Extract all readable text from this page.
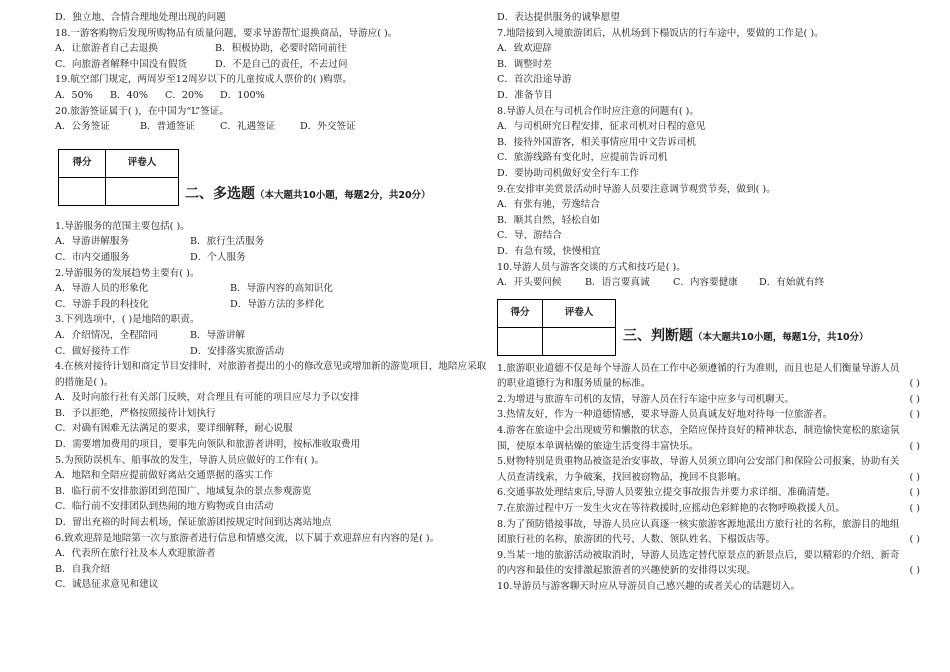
D．独立地、合情合理地处理出现的问题
18.一游客购物后发现所购物品有质量问题，要求导游帮忙退换商品，导游应( )。
A．让旅游者自己去退换	B．积极协助，必要时陪同前往
C．向旅游者解释中国没有假货	D．不是自己的责任，不去过问
19.航空部门规定，两周岁至12周岁以下的儿童按成人票价的( )购票。
A．50%	B．40%	C．20%	D．100%
20.旅游签证属于( )，在中国为“L”签证。
A．公务签证	B．普通签证	C．礼遇签证	D．外交签证
得分	评卷人

二、多选题（本大题共10小题，每题2分，共20分）
1.导游服务的范围主要包括( )。
A．导游讲解服务	B．旅行生活服务
C．市内交通服务	D．个人服务
2.导游服务的发展趋势主要有( )。
A．导游人员的形象化	B．导游内容的高知识化
C．导游手段的科技化	D．导游方法的多样化
3.下列选项中，( )是地陪的职责。
A．介绍情况，全程陪同	B．导游讲解
C．做好接待工作	D．安排落实旅游活动
4.在核对接待计划和商定节目安排时，对旅游者提出的小的修改意见或增加新的游览项目，地陪应采取的措施是( )。
A．及时向旅行社有关部门反映，对合理且有可能的项目应尽力予以安排
B．予以拒绝，严格按照接待计划执行
C．对确有困难无法满足的要求，要详细解释，耐心说服
D．需要增加费用的项目，要事先向领队和旅游者讲明，按标准收取费用
5.为预防误机车、船事故的发生，导游人员应做好的工作有( )。
A．地陪和全陪应提前做好离站交通票据的落实工作
B．临行前不安排旅游团到范围广、地域复杂的景点参观游览
C．临行前不安排团队到热闹的地方购物或自由活动
D．留出充裕的时间去机场，保证旅游团按规定时间到达离站地点
6.致欢迎辞是地陪第一次与旅游者进行信息和情感交流，以下属于欢迎辞应有内容的是( )。
A．代表所在旅行社及本人欢迎旅游者
B．自我介绍
C．诚恳征求意见和建议
D．表达提供服务的诚挚愿望
7.地陪接到入境旅游团后，从机场到下榻饭店的行车途中，要做的工作是( )。
A．致欢迎辞
B．调整时差
C．首次沿途导游
D．准备节目
8.导游人员在与司机合作时应注意的问题有( )。
A．与司机研究日程安排，征求司机对日程的意见
B．接待外国游客，相关事情应用中文告诉司机
C．旅游线路有变化时，应提前告诉司机
D．要协助司机做好安全行车工作
9.在安排审美赏景活动时导游人员要注意调节观赏节奏，做到( )。
A．有张有驰，劳逸结合
B．顺其自然，轻松自如
C．导、游结合
D．有急有缓，快慢相宜
10.导游人员与游客交谈的方式和技巧是( )。
A．开头要问候	B．语言要真诚	C．内容要健康	D．有始就有终
得分	评卷人

三、判断题（本大题共10小题，每题1分，共10分）
1.旅游职业道德不仅是每个导游人员在工作中必须遵循的行为准则，而且也是人们衡量导游人员的职业道德行为和服务质量的标准。	( )
2.为增进与旅游车司机的友情，导游人员在行车途中应多与司机聊天。	( )
3.热情友好，作为一种道德情感，要求导游人员真诚友好地对待每一位旅游者。	( )
4.游客在旅途中会出现疲劳和懒散的状态，全陪应保持良好的精神状态，制造愉快宽松的旅途氛围，使原本单调枯燥的旅途生活变得丰富快乐。	( )
5.财物特别是贵重物品被盗是治安事故，导游人员须立即向公安部门和保险公司报案，协助有关人员查清线索，力争破案，找回被窃物品，挽回不良影响。	( )
6.交通事故处理结束后,导游人员要独立提交事故报告并要力求详细、准确清楚。	( )
7.在旅游过程中万一发生火灾在等待救援时,应摇动色彩鲜艳的衣物呼唤救援人员。	( )
8.为了预防错接事故，导游人员应认真逐一核实旅游客源地派出方旅行社的名称，旅游目的地组团旅行社的名称，旅游团的代号、人数、领队姓名、下榻饭店等。	( )
9.当某一地的旅游活动被取消时，导游人员选定替代原景点的新景点后，要以精彩的介绍、新奇的内容和最佳的安排激起旅游者的兴趣使新的安排得以实现。	( )
10.导游员与游客聊天时应从导游员自己感兴趣的或者关心的话题切入。
